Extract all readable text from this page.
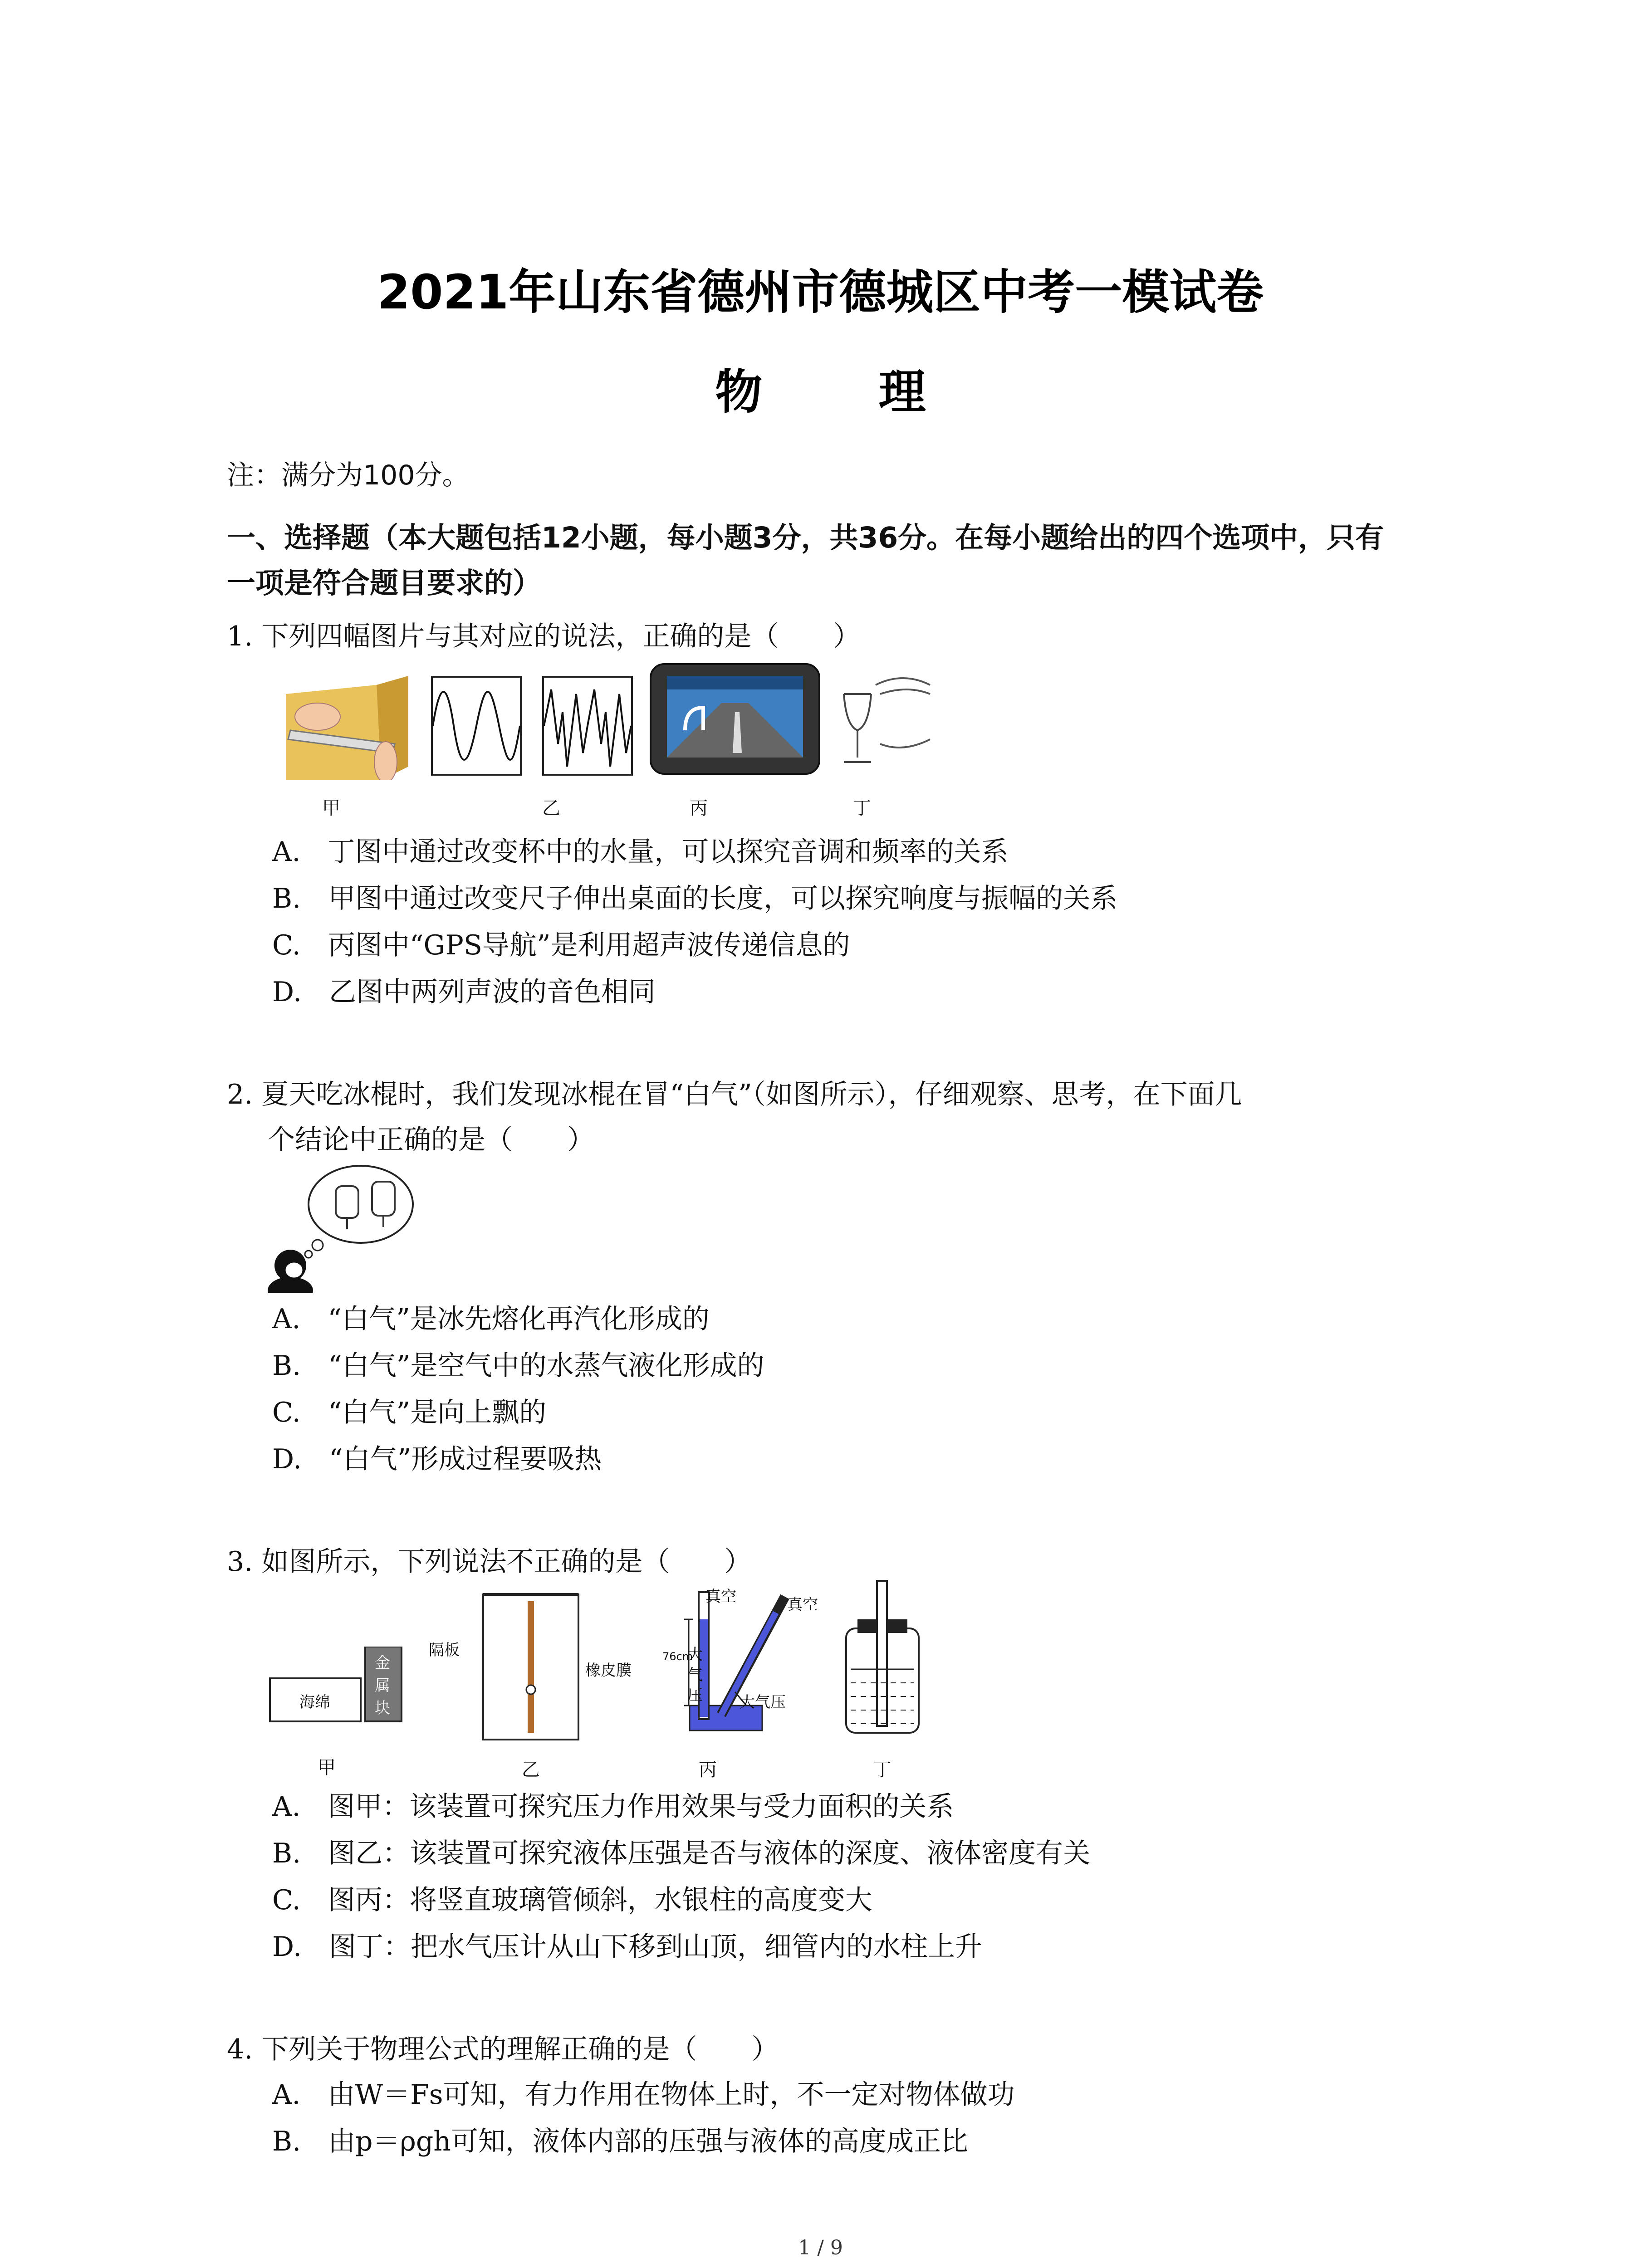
2021年山东省德州市德城区中考一模试卷
物 理
注：满分为100分。
一、选择题（本大题包括12小题，每小题3分，共36分。在每小题给出的四个选项中，只有
一项是符合题目要求的）
1. 下列四幅图片与其对应的说法，正确的是（　　）
甲	乙	丙	丁
A.　丁图中通过改变杯中的水量，可以探究音调和频率的关系
B.　甲图中通过改变尺子伸出桌面的长度，可以探究响度与振幅的关系
C.　丙图中“GPS导航”是利用超声波传递信息的
D.　乙图中两列声波的音色相同
2. 夏天吃冰棍时，我们发现冰棍在冒“白气”（如图所示），仔细观察、思考，在下面几
个结论中正确的是（　　）
A.　“白气”是冰先熔化再汽化形成的
B.　“白气”是空气中的水蒸气液化形成的
C.　“白气”是向上飘的
D.　“白气”形成过程要吸热
3. 如图所示，下列说法不正确的是（　　）
海绵
金
属
块
隔板
橡皮膜
真空	真空
76cm
大
气
压 大气压
甲	乙	丙	丁
A.　图甲：该装置可探究压力作用效果与受力面积的关系
B.　图乙：该装置可探究液体压强是否与液体的深度、液体密度有关
C.　图丙：将竖直玻璃管倾斜，水银柱的高度变大
D.　图丁：把水气压计从山下移到山顶，细管内的水柱上升
4. 下列关于物理公式的理解正确的是（　　）
A.　由W＝Fs可知，有力作用在物体上时，不一定对物体做功
B.　由p＝ρgh可知，液体内部的压强与液体的高度成正比
1 / 9
